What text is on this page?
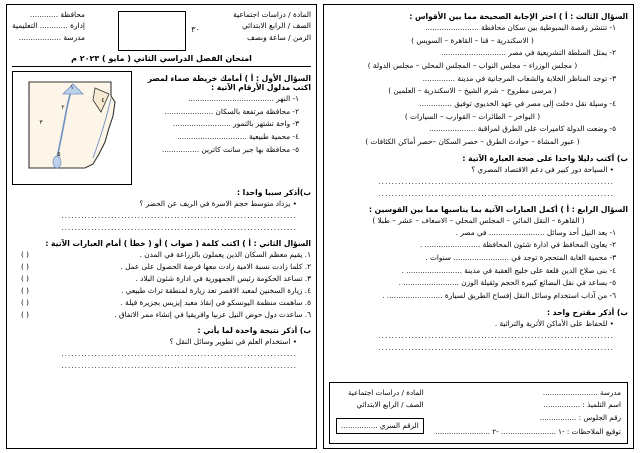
المادة / دراسات اجتماعية
الصف / الرابع الابتدائي
الزمن / ساعة ونصف
٣٠
محافظة ............
إدارة ............ التعليمية
مدرسة ..................
امتحان الفصل الدراسي الثاني ( مايو ) ٢٠٢٣ م
١
٢
٣
٤
٥
السؤال الأول : أ ) أمامك خريطة صماء لمصر اكتب مدلول الأرقام الآتية :
١- النهر .....................................
٢- محافظة مرتفعة بالسكان .....................
٣- واحة تشتهر بالتمور .........................
٤- محمية طبيعية ..............................
٥- محافظة بها جبر سانت كاترين ................
ب)أذكر سببا واحدا :
• يزداد متوسط حجم الاسرة في الريف عن الحضر ؟
.......................................................................
.......................................................................
السؤال الثاني : أ ) اكتب كلمة ( صواب ) أو ( خطأ ) أمام العبارات الآتية :
( )	١. يقيم معظم السكان الذين يعملون بالزراعة في المدن .
( )	٢. كلما زادت نسبة الامية زادت معها فرصة الحصول على عمل .
( )	٣. تساعد الحكومة رئيس الجمهورية في ادارة شئون البلاد .
( )	٤. زيارة السخنين لمعبد الاقصر تعد زيارة لمنطقة تراث طبيعي .
( )	٥. ساهمت منظمة اليونسكو في إنقاذ معبد إيزيس بجزيرة فيلة .
( )	٦. ساعدت دول حوض النيل عربيا وافريقيا في إنشاء ممر الاتفاق .
ب) أذكر نتيجة واحدة لما يأتي :
• استخدام العلم في تطوير وسائل النقل ؟
.......................................................................
.......................................................................
السؤال الثالث : أ ) اختر الإجابة الصحيحة مما بين الأقواس :
١- تنتشر رقصة البمبوطية بين سكان محافظة .......................
( الاسكندرية – قنا – القاهرة – السويس )
٢- يمثل السلطة التشريعية في مصر ............................
( مجلس الوزراء – مجلس النواب – المجلس المحلي – مجلس الدولة )
٣- توجد المناظر الخلابة والشعاب المرجانية في مدينة ..............
( مرسى مطروح – شرم الشيخ – الاسكندرية – العلمين )
٤- وسيلة نقل دخلت إلى مصر في عهد الخديوي توفيق ..............
( البواخر – الطائرات – القوارب – السيارات )
٥- وضعت الدولة كاميرات على الطرق لمراقبة ....................
( عبور المشاة – حوادث الطرق – حصر السكان –حصر أماكن الكثافات )
ب) أكتب دليلا واحدا على صحة العبارة الآتية :
• السياحة دور كبير في دعم الاقتصاد المصري ؟
.......................................................................
.......................................................................
السؤال الرابع : أ ) أكمل العبارات الآتية بما يناسبها مما بين القوسين :
( القاهرة – النقل المائي – المجلس المحلي – الاسعاف – عشر – طبلا )
١- يعد النيل أحد وسائل ........................ في مصر .
٢- يعاون المحافظ في ادارة شئون المحافظة ........................ .
٣- محمية الغابة المتحجرة توجد في ........................ سنوات .
٤- بنى صلاح الدين قلعة على خليج العقبة في مدينة ........................ .
٥- يساعد في نقل البضائع كبيرة الحجم وثقيلة الوزن ........................ .
٦- من آداب استخدام وسائل النقل إفساح الطريق لسيارة ........................ .
ب) أذكر مقترح واحد :
• للحفاظ على الأماكن الأثرية والتراثية .
.......................................................................
.......................................................................
المادة / دراسات اجتماعية
الصف / الرابع الابتدائي
الرقم السري ................
مدرسة ........................
اسم التلميذ : ................
رقم الجلوس : ................
توقيع الملاحظات : -١ ........................ -٢ ........................
